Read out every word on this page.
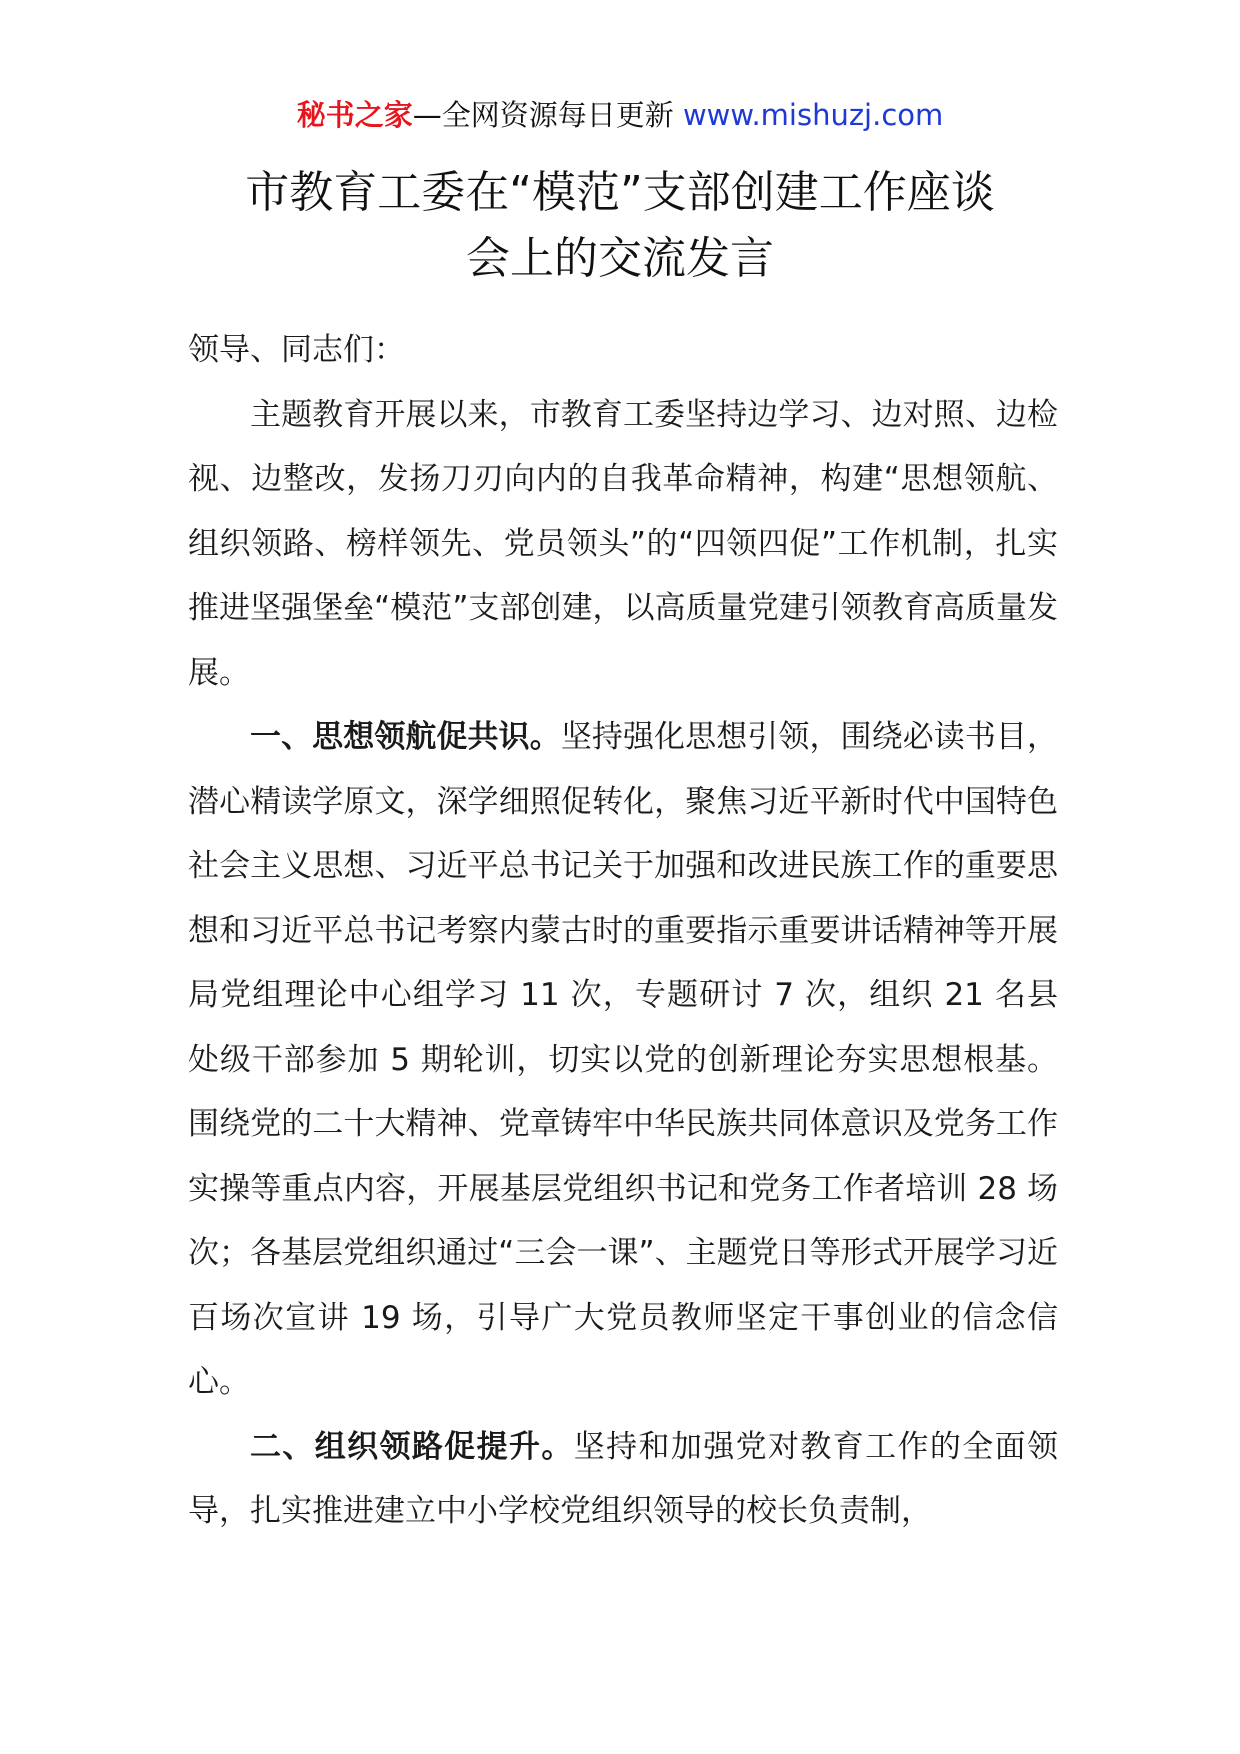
秘书之家—全网资源每日更新 www.mishuzj.com
市教育工委在“模范”支部创建工作座谈
会上的交流发言

领导、同志们：

主题教育开展以来，市教育工委坚持边学习、边对照、边检视、边整改，发扬刀刃向内的自我革命精神，构建“思想领航、组织领路、榜样领先、党员领头”的“四领四促”工作机制，扎实推进坚强堡垒“模范”支部创建，以高质量党建引领教育高质量发展。

一、思想领航促共识。坚持强化思想引领，围绕必读书目，潜心精读学原文，深学细照促转化，聚焦习近平新时代中国特色社会主义思想、习近平总书记关于加强和改进民族工作的重要思想和习近平总书记考察内蒙古时的重要指示重要讲话精神等开展局党组理论中心组学习 11 次，专题研讨 7 次，组织 21 名县处级干部参加 5 期轮训，切实以党的创新理论夯实思想根基。围绕党的二十大精神、党章铸牢中华民族共同体意识及党务工作实操等重点内容，开展基层党组织书记和党务工作者培训 28 场次；各基层党组织通过“三会一课”、主题党日等形式开展学习近百场次宣讲 19 场，引导广大党员教师坚定干事创业的信念信心。

二、组织领路促提升。坚持和加强党对教育工作的全面领导，扎实推进建立中小学校党组织领导的校长负责制，
